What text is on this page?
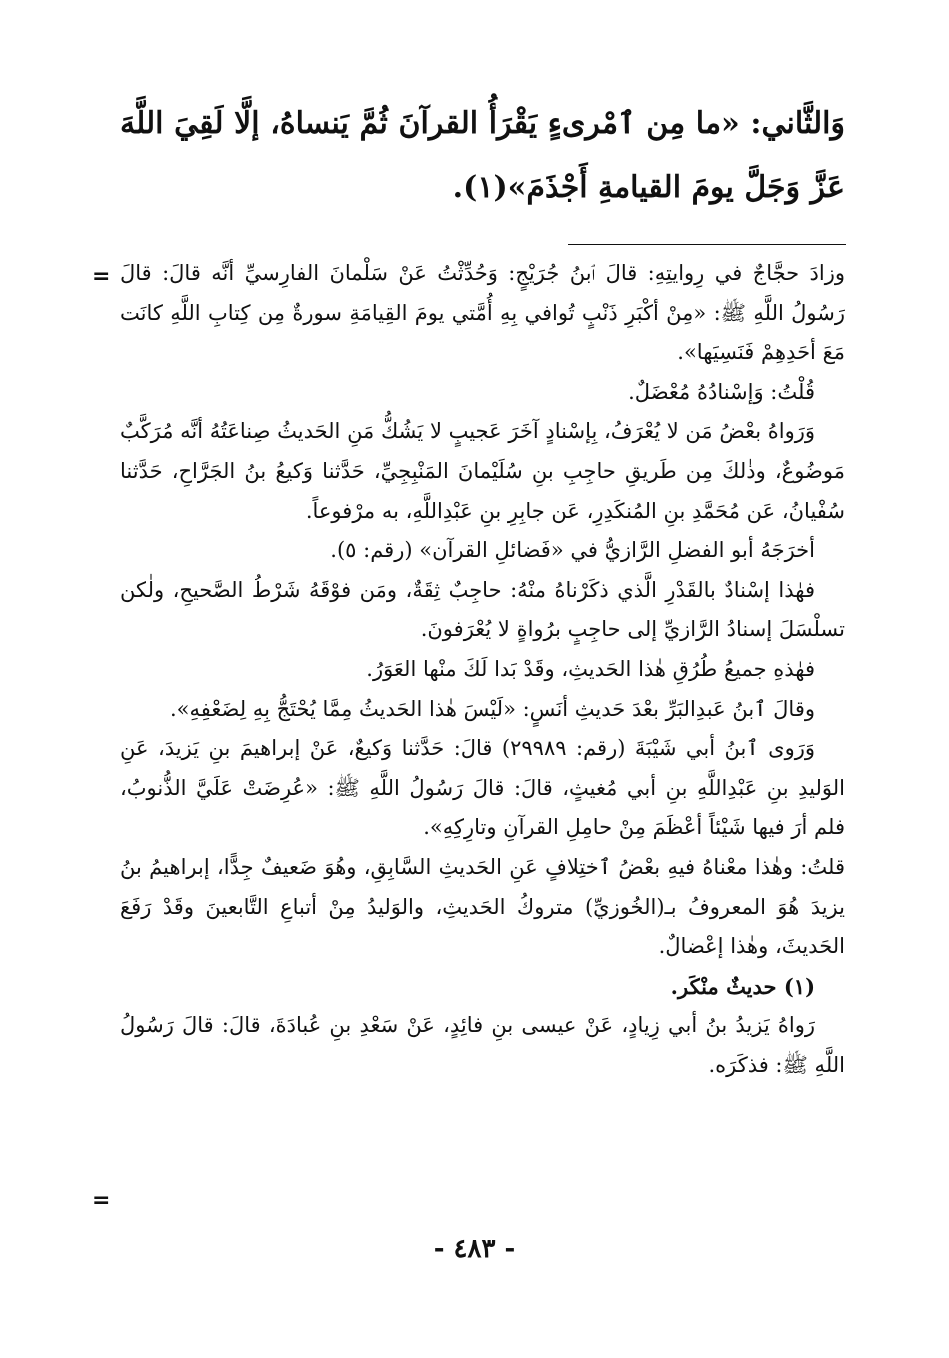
وَالثَّاني: «ما مِن ٱمْرىءٍ يَقْرَأُ القرآنَ ثُمَّ يَنساهُ، إلَّا لَقِيَ اللَّهَ عَزَّ وَجَلَّ يومَ القيامةِ أَجْذَمَ»(١).

= وزادَ حجَّاجٌ في رِوايتِهِ: قالَ ٱبنُ جُرَيْجٍ: وَحُدِّثْتُ عَنْ سَلْمانَ الفارِسيِّ أنَّه قالَ: قالَ رَسُولُ اللَّهِ ﷺ: «مِنْ أكْبَرِ ذَنْبٍ تُوافي بِهِ أُمَّتي يومَ القِيامَةِ سورةٌ مِن كِتابِ اللَّهِ كانَت مَعَ أحَدِهِمْ فَنَسِيَها».

قُلْتُ: وَإسْنادُهُ مُعْضَلٌ.

وَرَواهُ بعْضُ مَن لا يُعْرَفُ، بِإسْنادٍ آخَرَ عَجيبٍ لا يَشُكُّ مَنِ الحَديثُ صِناعَتُهُ أنَّه مُرَكَّبٌ مَوضُوعٌ، وذٰلكَ مِن طَريقِ حاجِبِ بنِ سُلَيْمانَ المَنْبِجِيِّ، حَدَّثنا وَكيعُ بنُ الجَرَّاحِ، حَدَّثنا سُفْيانُ، عَن مُحَمَّدِ بنِ المُنكَدِرِ، عَن جابِرِ بنِ عَبْدِاللَّهِ، به مرْفوعاً.

أخرَجَهُ أبو الفضلِ الرَّازيُّ في «فَضائلِ القرآن» (رقم: ٥).

فهٰذا إسْنادٌ بالقَدْرِ الَّذي ذكَرْناهُ منْهُ: حاجِبٌ ثِقَةٌ، ومَن فوْقَهُ شَرْطُ الصَّحيحِ، ولٰكن تسلْسَلَ إسنادُ الرَّازيِّ إلى حاجِبٍ برُواةٍ لا يُعْرَفونَ.

فهٰذهِ جميعُ طُرُقِ هٰذا الحَديثِ، وقَدْ بَدا لَكَ منْها العَوَرُ.

وقالَ ٱبنُ عَبدِالبَرِّ بعْدَ حَديثِ أنَسٍ: «لَيْسَ هٰذا الحَديثُ مِمَّا يُحْتَجُّ بِهِ لِضَعْفِهِ».

وَرَوى ٱبنُ أبي شَيْبَةَ (رقم: ٢٩٩٨٩) قالَ: حَدَّثنا وَكيعٌ، عَنْ إبراهيمَ بنِ يَزيدَ، عَنِ الوَليدِ بنِ عَبْدِاللَّهِ بنِ أبي مُغيثٍ، قالَ: قالَ رَسُولُ اللَّهِ ﷺ: «عُرِضَتْ عَلَيَّ الذُّنوبُ، فلم أرَ فيها شَيْئاً أعْظَمَ مِنْ حامِلِ القرآنِ وتارِكِهِ».

قلتُ: وهٰذا معْناهُ فيهِ بعْضُ ٱختِلافٍ عَنِ الحَديثِ السَّابِقِ، وهُوَ ضَعيفٌ جِدًّا، إبراهيمُ بنُ يزيدَ هُوَ المعروفُ بـ(الخُوزيِّ) متروكُ الحَديثِ، والوَليدُ مِنْ أتباعِ التَّابعينَ وقَدْ رَفَعَ الحَديثَ، وهٰذا إعْضالٌ.

(١) حديثٌ منْكَر.

رَواهُ يَزيدُ بنُ أبي زِيادٍ، عَنْ عيسى بنِ فائِدٍ، عَنْ سَعْدِ بنِ عُبادَةَ، قالَ: قالَ رَسُولُ اللَّهِ ﷺ: فذكَرَه.

=
- ٤٨٣ -
